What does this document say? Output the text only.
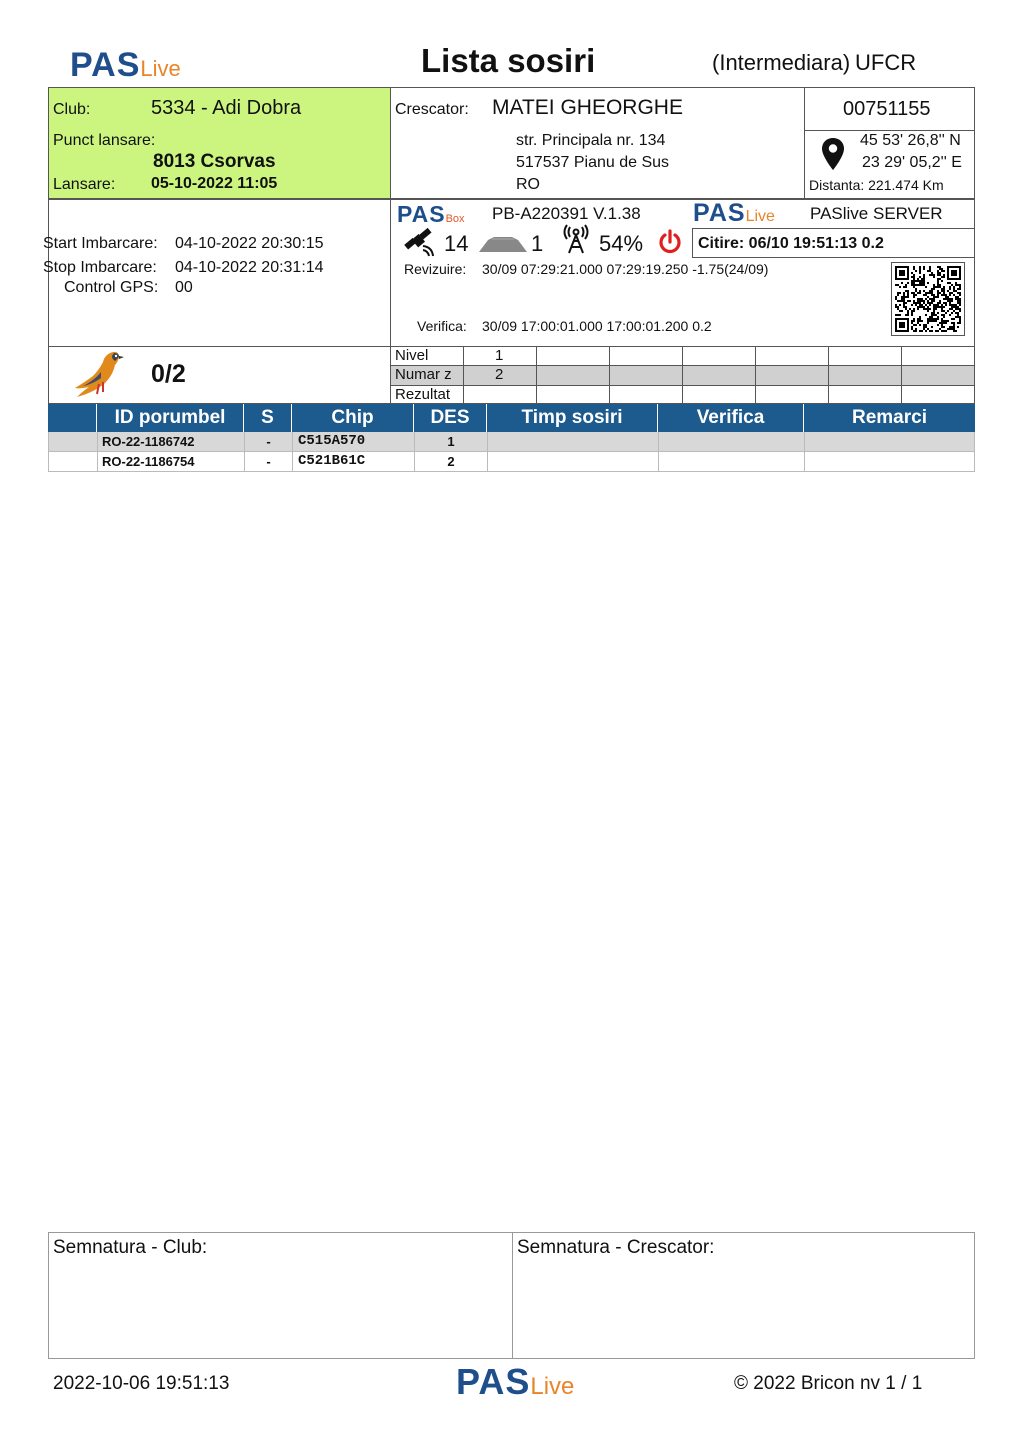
PASLive	Lista sosiri	(Intermediara) UFCR
Club:	5334 - Adi Dobra
Punct lansare:
8013 Csorvas
Lansare: 05-10-2022 11:05
Crescator: MATEI GHEORGHE
str. Principala nr. 134
517537 Pianu de Sus
RO
00751155
45 53' 26,8'' N
23 29' 05,2'' E
Distanta: 221.474 Km
Start Imbarcare: 04-10-2022 20:30:15
Stop Imbarcare: 04-10-2022 20:31:14
Control GPS: 00
PASBox PB-A220391 V.1.38 PASLive PASlive SERVER
14	1	54%	Citire: 06/10 19:51:13 0.2
Revizuire: 30/09 07:29:21.000 07:29:19.250 -1.75(24/09)
Verifica: 30/09 17:00:01.000 17:00:01.200 0.2
0/2
Nivel	1
Numar z	2
Rezultat
ID porumbel	S	Chip	DES	Timp sosiri	Verifica	Remarci
RO-22-1186742	-	C515A570	1
RO-22-1186754	-	C521B61C	2
Semnatura - Club:	Semnatura - Crescator:
2022-10-06 19:51:13	PASLive	© 2022 Bricon nv 1 / 1
